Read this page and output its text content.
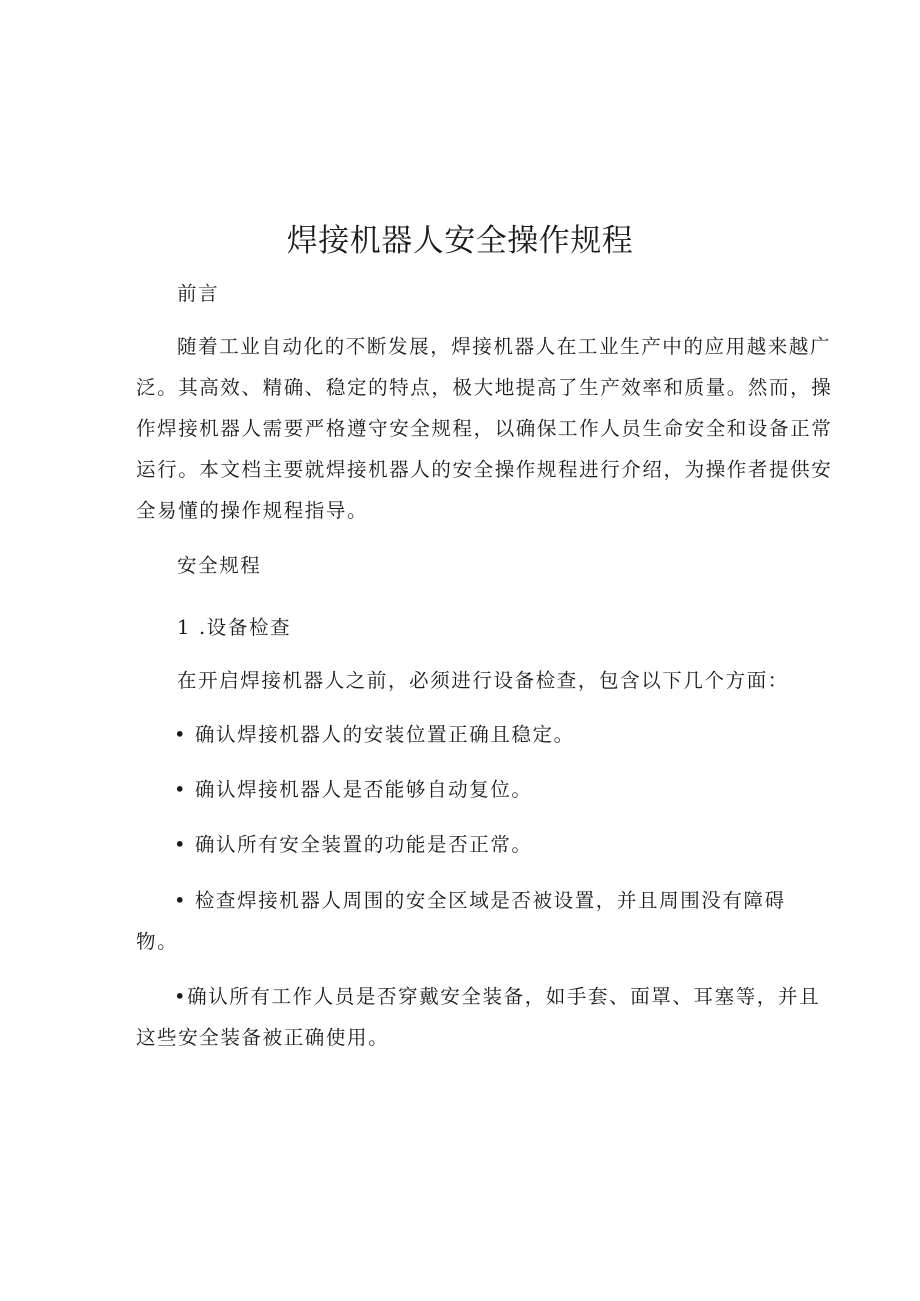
焊接机器人安全操作规程

前言

随着工业自动化的不断发展，焊接机器人在工业生产中的应用越来越广

泛。其高效、精确、稳定的特点，极大地提高了生产效率和质量。然而，操

作焊接机器人需要严格遵守安全规程，以确保工作人员生命安全和设备正常

运行。本文档主要就焊接机器人的安全操作规程进行介绍，为操作者提供安

全易懂的操作规程指导。

安全规程

1 .设备检查

在开启焊接机器人之前，必须进行设备检查，包含以下几个方面：

• 确认焊接机器人的安装位置正确且稳定。

• 确认焊接机器人是否能够自动复位。

• 确认所有安全装置的功能是否正常。

• 检查焊接机器人周围的安全区域是否被设置，并且周围没有障碍

物。

•确认所有工作人员是否穿戴安全装备，如手套、面罩、耳塞等，并且

这些安全装备被正确使用。
